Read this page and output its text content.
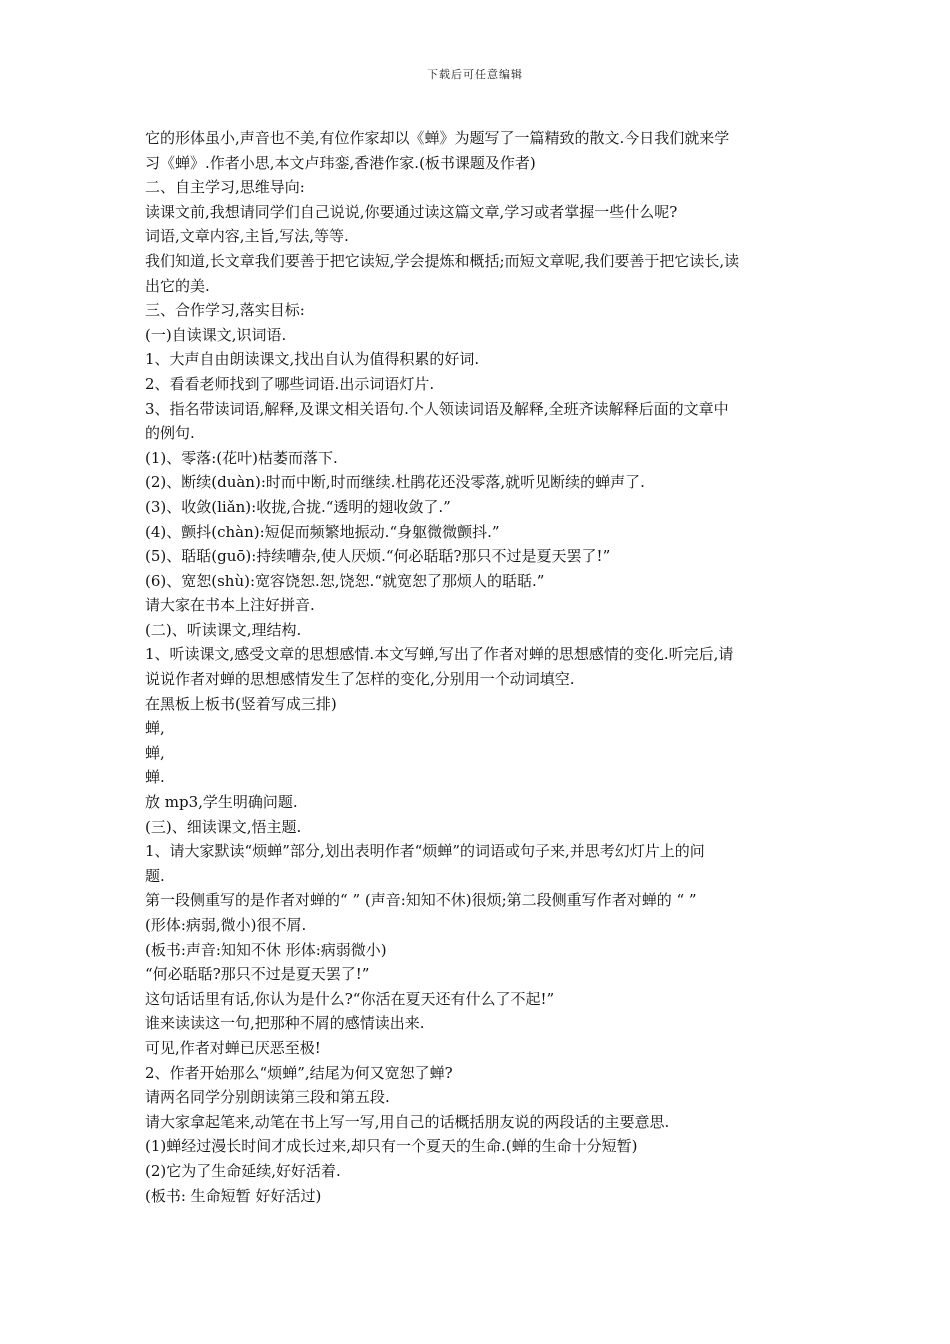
下载后可任意编辑
它的形体虽小,声音也不美,有位作家却以《蝉》为题写了一篇精致的散文.今日我们就来学
习《蝉》.作者小思,本文卢玮銮,香港作家.(板书课题及作者)
二、自主学习,思维导向:
读课文前,我想请同学们自己说说,你要通过读这篇文章,学习或者掌握一些什么呢?
词语,文章内容,主旨,写法,等等.
我们知道,长文章我们要善于把它读短,学会提炼和概括;而短文章呢,我们要善于把它读长,读
出它的美.
三、合作学习,落实目标:
(一)自读课文,识词语.
1、大声自由朗读课文,找出自认为值得积累的好词.
2、看看老师找到了哪些词语.出示词语灯片.
3、指名带读词语,解释,及课文相关语句.个人领读词语及解释,全班齐读解释后面的文章中
的例句.
(1)、零落:(花叶)枯萎而落下.
(2)、断续(duàn):时而中断,时而继续.杜鹃花还没零落,就听见断续的蝉声了.
(3)、收敛(liǎn):收拢,合拢.“透明的翅收敛了.”
(4)、颤抖(chàn):短促而频繁地振动.“身躯微微颤抖.”
(5)、聒聒(guō):持续嘈杂,使人厌烦.“何必聒聒?那只不过是夏天罢了!”
(6)、宽恕(shù):宽容饶恕.恕,饶恕.“就宽恕了那烦人的聒聒.”
请大家在书本上注好拼音.
(二)、听读课文,理结构.
1、听读课文,感受文章的思想感情.本文写蝉,写出了作者对蝉的思想感情的变化.听完后,请
说说作者对蝉的思想感情发生了怎样的变化,分别用一个动词填空.
在黑板上板书(竖着写成三排)
蝉,
蝉,
蝉.
放 mp3,学生明确问题.
(三)、细读课文,悟主题.
1、请大家默读“烦蝉”部分,划出表明作者“烦蝉”的词语或句子来,并思考幻灯片上的问
题.
第一段侧重写的是作者对蝉的“ ” (声音:知知不休)很烦;第二段侧重写作者对蝉的 “ ”
(形体:病弱,微小)很不屑.
(板书:声音:知知不休 形体:病弱微小)
“何必聒聒?那只不过是夏天罢了!”
这句话话里有话,你认为是什么?“你活在夏天还有什么了不起!”
谁来读读这一句,把那种不屑的感情读出来.
可见,作者对蝉已厌恶至极!
2、作者开始那么“烦蝉”,结尾为何又宽恕了蝉?
请两名同学分别朗读第三段和第五段.
请大家拿起笔来,动笔在书上写一写,用自己的话概括朋友说的两段话的主要意思.
(1)蝉经过漫长时间才成长过来,却只有一个夏天的生命.(蝉的生命十分短暂)
(2)它为了生命延续,好好活着.
(板书: 生命短暂 好好活过)
